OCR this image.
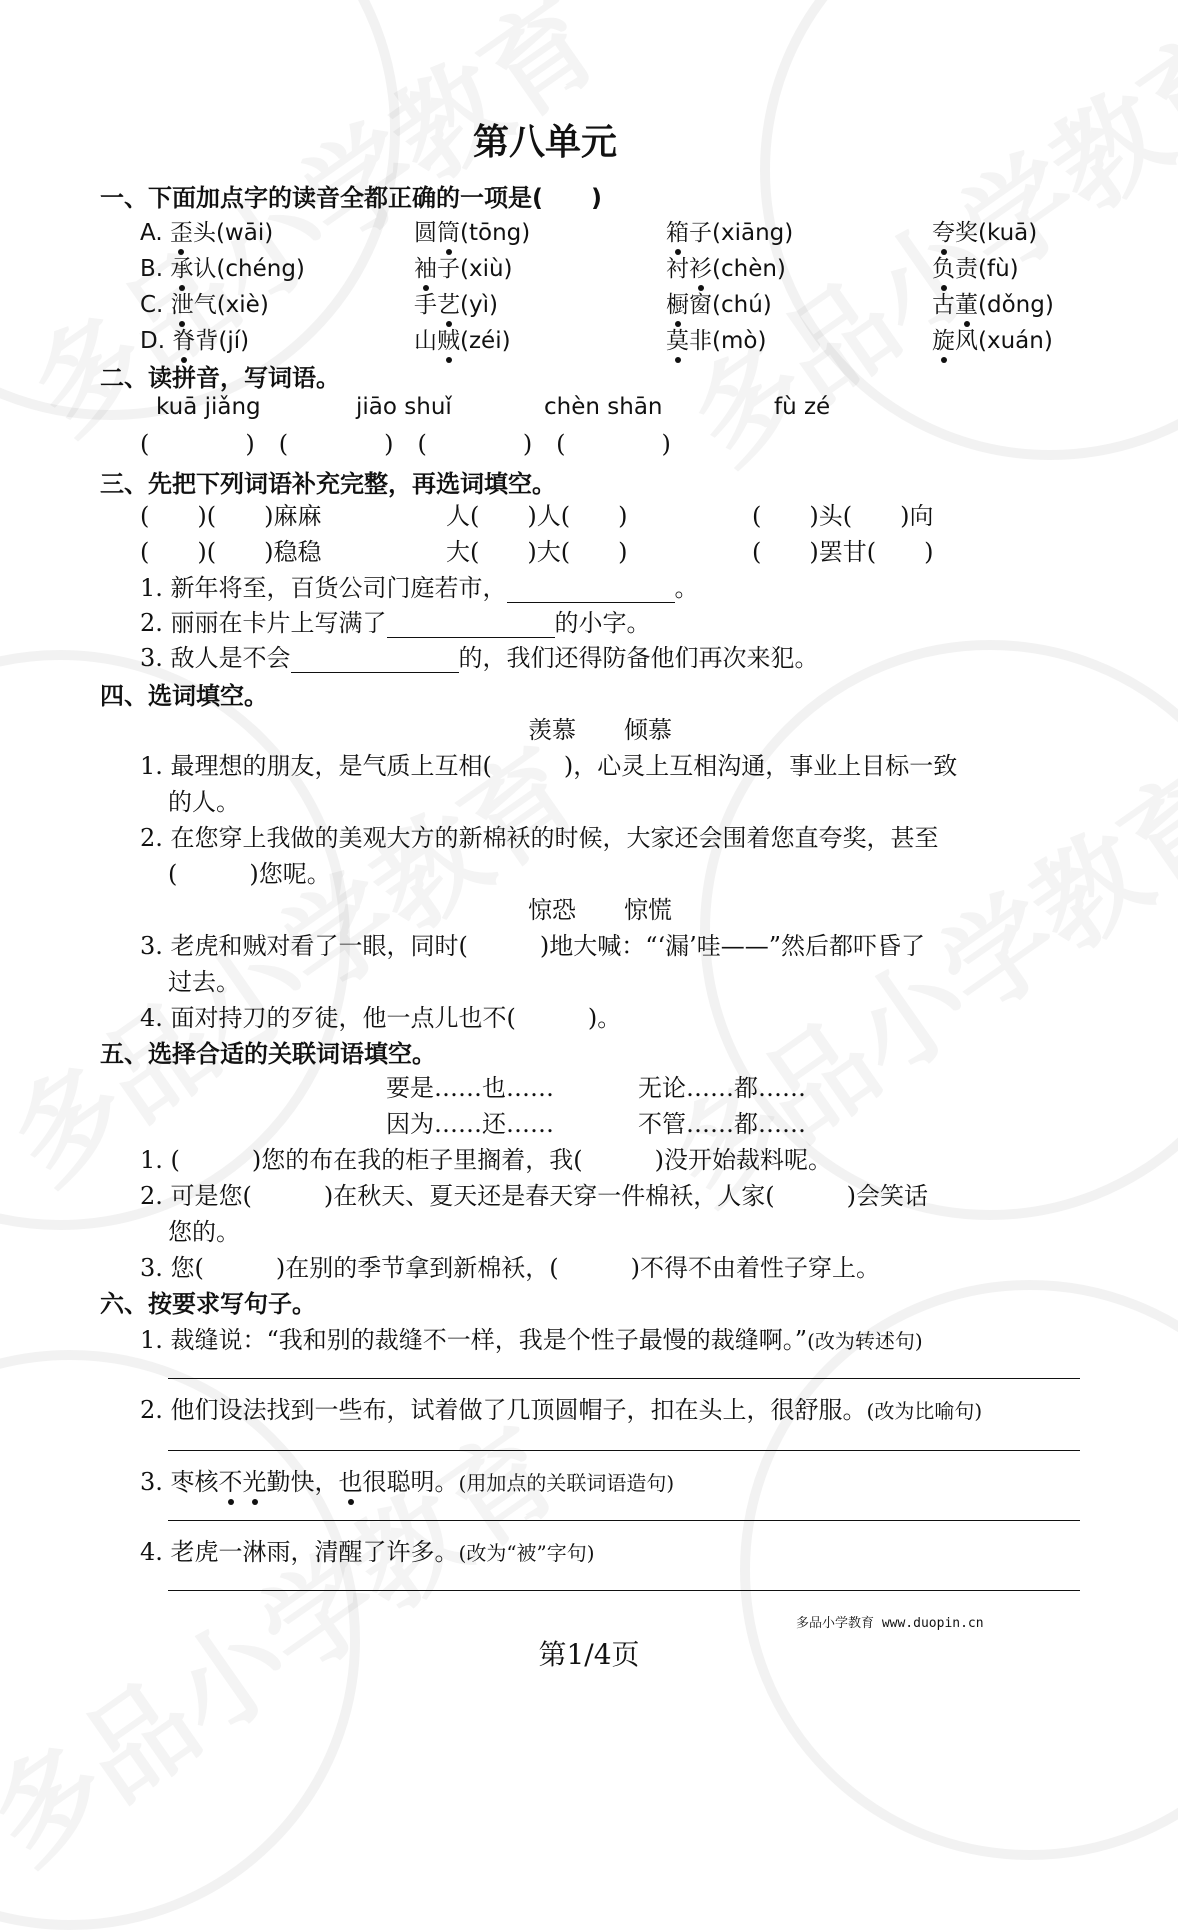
第八单元
一、下面加点字的读音全都正确的一项是(　　)
A. 歪头(wāi)	圆筒(tōng)	箱子(xiāng)	夸奖(kuā)
B. 承认(chéng)	袖子(xiù)	衬衫(chèn)	负责(fù)
C. 泄气(xiè)	手艺(yì)	橱窗(chú)	古董(dǒng)
D. 脊背(jí)	山贼(zéi)	莫非(mò)	旋风(xuán)
二、读拼音，写词语。
kuā jiǎng	jiāo shuǐ	chèn shān	fù zé
(　　　　)　(　　　　)　(　　　　)　(　　　　)
三、先把下列词语补充完整，再选词填空。
(　　)(　　)麻麻	人(　　)人(　　)	(　　)头(　　)向
(　　)(　　)稳稳	大(　　)大(　　)	(　　)罢甘(　　)
1. 新年将至，百货公司门庭若市，	。
2. 丽丽在卡片上写满了	的小字。
3. 敌人是不会	的，我们还得防备他们再次来犯。
四、选词填空。
羡慕　　倾慕
1. 最理想的朋友，是气质上互相(　　　)，心灵上互相沟通，事业上目标一致
的人。
2. 在您穿上我做的美观大方的新棉袄的时候，大家还会围着您直夸奖，甚至
(　　　)您呢。
惊恐　　惊慌
3. 老虎和贼对看了一眼，同时(　　　)地大喊：“‘漏’哇——”然后都吓昏了
过去。
4. 面对持刀的歹徒，他一点儿也不(　　　)。
五、选择合适的关联词语填空。
要是……也……	无论……都……
因为……还……	不管……都……
1. (　　　)您的布在我的柜子里搁着，我(　　　)没开始裁料呢。
2. 可是您(　　　)在秋天、夏天还是春天穿一件棉袄，人家(　　　)会笑话
您的。
3. 您(　　　)在别的季节拿到新棉袄，(　　　)不得不由着性子穿上。
六、按要求写句子。
1. 裁缝说：“我和别的裁缝不一样，我是个性子最慢的裁缝啊。”(改为转述句)
2. 他们设法找到一些布，试着做了几顶圆帽子，扣在头上，很舒服。(改为比喻句)
3. 枣核不光勤快，也很聪明。(用加点的关联词语造句)
4. 老虎一淋雨，清醒了许多。(改为“被”字句)
多品小学教育 www.duopin.cn
第1/4页
